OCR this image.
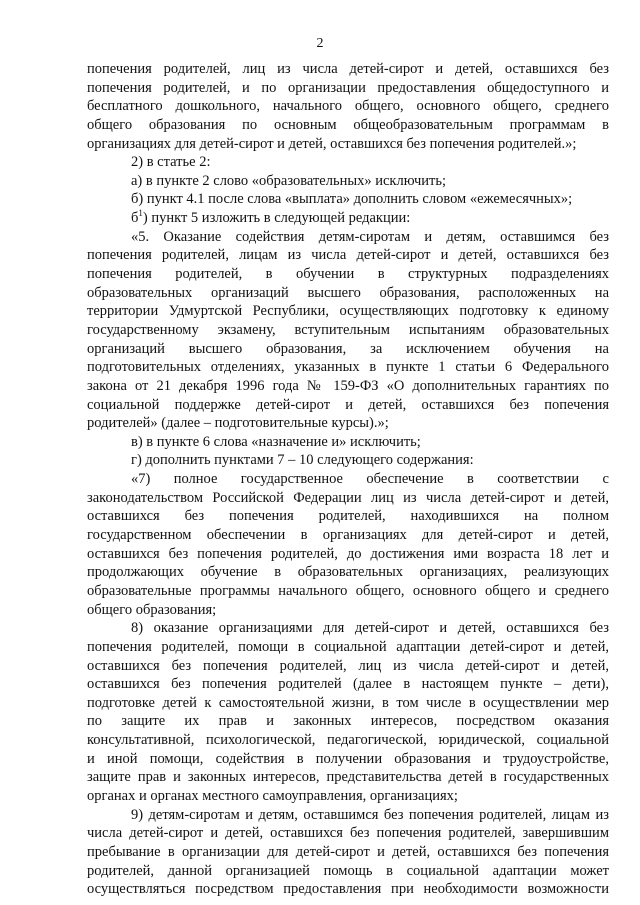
2

попечения родителей, лиц из числа детей-сирот и детей, оставшихся без

попечения родителей, и по организации предоставления общедоступного и

бесплатного дошкольного, начального общего, основного общего, среднего

общего образования по основным общеобразовательным программам в

организациях для детей-сирот и детей, оставшихся без попечения родителей.»;

2) в статье 2:

а) в пункте 2 слово «образовательных» исключить;

б) пункт 4.1 после слова «выплата» дополнить словом «ежемесячных»;

$б^1$) пункт 5 изложить в следующей редакции:

«5. Оказание содействия детям-сиротам и детям, оставшимся без

попечения родителей, лицам из числа детей-сирот и детей, оставшихся без

попечения родителей, в обучении в структурных подразделениях

образовательных организаций высшего образования, расположенных на

территории Удмуртской Республики, осуществляющих подготовку к единому

государственному экзамену, вступительным испытаниям образовательных

организаций высшего образования, за исключением обучения на

подготовительных отделениях, указанных в пункте 1 статьи 6 Федерального

закона от 21 декабря 1996 года № 159-ФЗ «О дополнительных гарантиях по

социальной поддержке детей-сирот и детей, оставшихся без попечения

родителей» (далее – подготовительные курсы).»;

в) в пункте 6 слова «назначение и» исключить;

г) дополнить пунктами 7 – 10 следующего содержания:

«7) полное государственное обеспечение в соответствии с

законодательством Российской Федерации лиц из числа детей-сирот и детей,

оставшихся без попечения родителей, находившихся на полном

государственном обеспечении в организациях для детей-сирот и детей,

оставшихся без попечения родителей, до достижения ими возраста 18 лет и

продолжающих обучение в образовательных организациях, реализующих

образовательные программы начального общего, основного общего и среднего

общего образования;

8) оказание организациями для детей-сирот и детей, оставшихся без

попечения родителей, помощи в социальной адаптации детей-сирот и детей,

оставшихся без попечения родителей, лиц из числа детей-сирот и детей,

оставшихся без попечения родителей (далее в настоящем пункте – дети),

подготовке детей к самостоятельной жизни, в том числе в осуществлении мер

по защите их прав и законных интересов, посредством оказания

консультативной, психологической, педагогической, юридической, социальной

и иной помощи, содействия в получении образования и трудоустройстве,

защите прав и законных интересов, представительства детей в государственных

органах и органах местного самоуправления, организациях;

9) детям-сиротам и детям, оставшимся без попечения родителей, лицам из

числа детей-сирот и детей, оставшихся без попечения родителей, завершившим

пребывание в организации для детей-сирот и детей, оставшихся без попечения

родителей, данной организацией помощь в социальной адаптации может

осуществляться посредством предоставления при необходимости возможности
